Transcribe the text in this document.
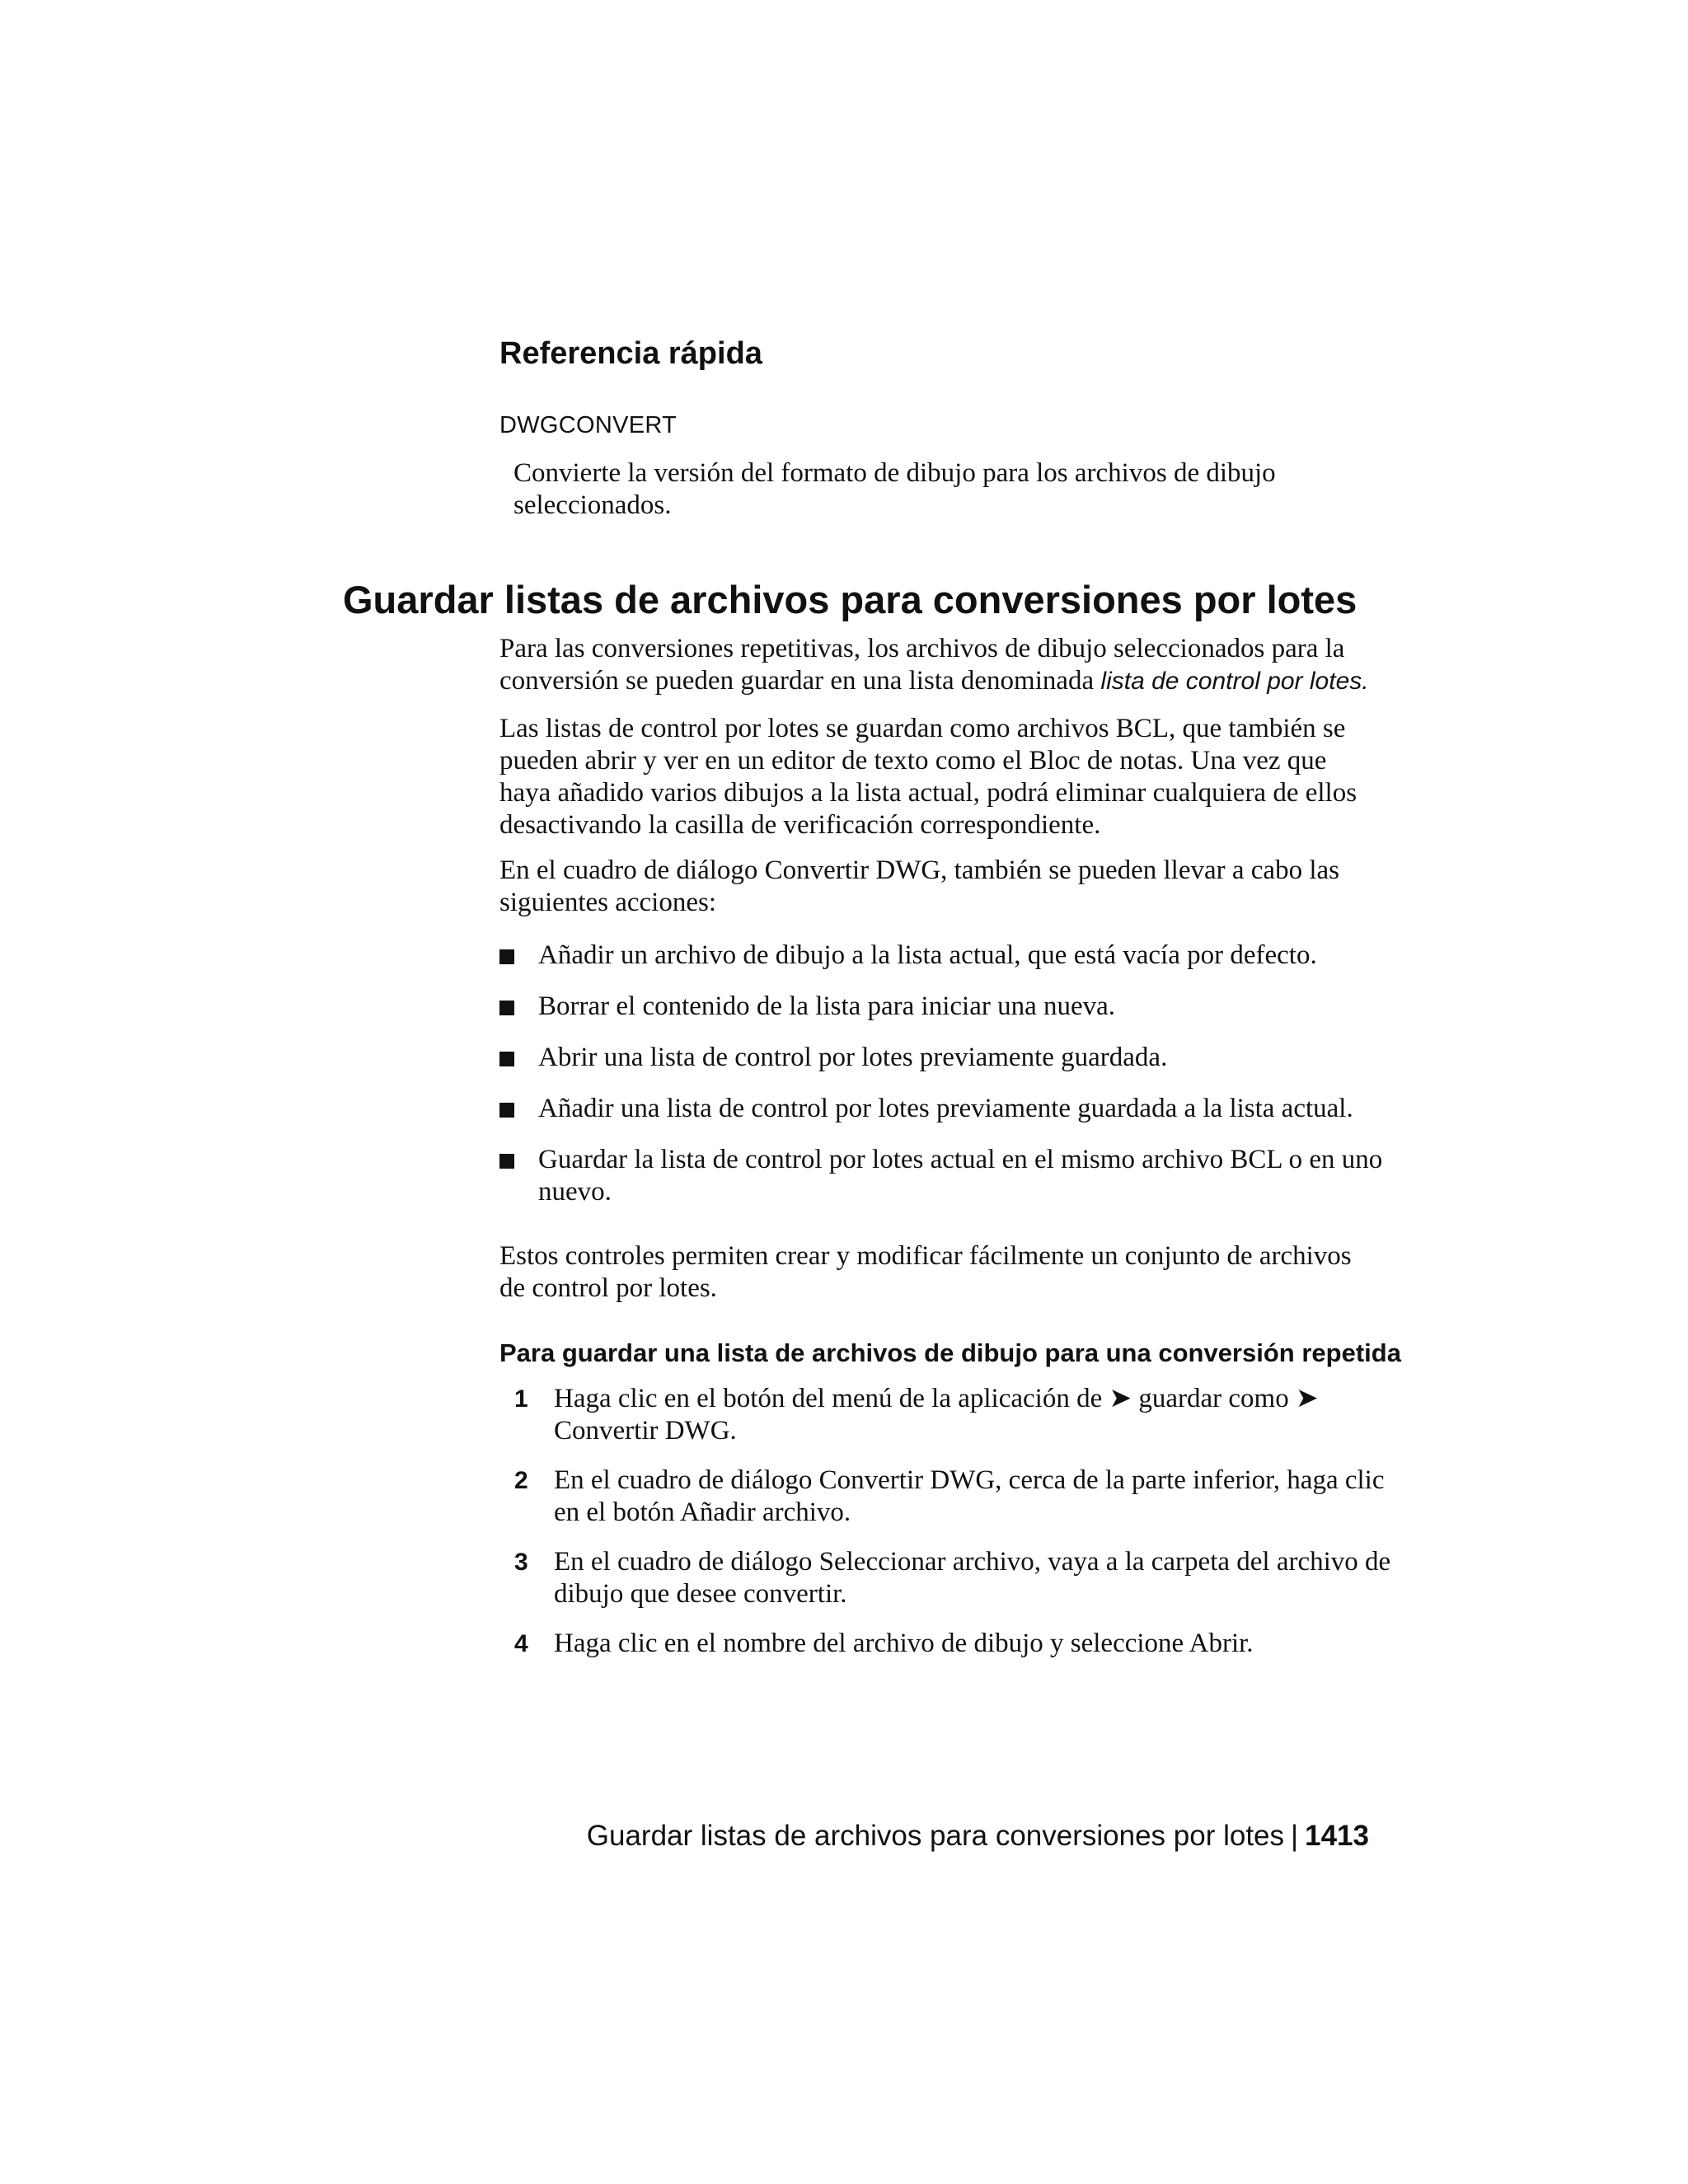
Referencia rápida
DWGCONVERT
Convierte la versión del formato de dibujo para los archivos de dibujo seleccionados.
Guardar listas de archivos para conversiones por lotes
Para las conversiones repetitivas, los archivos de dibujo seleccionados para la conversión se pueden guardar en una lista denominada lista de control por lotes.
Las listas de control por lotes se guardan como archivos BCL, que también se pueden abrir y ver en un editor de texto como el Bloc de notas. Una vez que haya añadido varios dibujos a la lista actual, podrá eliminar cualquiera de ellos desactivando la casilla de verificación correspondiente.
En el cuadro de diálogo Convertir DWG, también se pueden llevar a cabo las siguientes acciones:
Añadir un archivo de dibujo a la lista actual, que está vacía por defecto.
Borrar el contenido de la lista para iniciar una nueva.
Abrir una lista de control por lotes previamente guardada.
Añadir una lista de control por lotes previamente guardada a la lista actual.
Guardar la lista de control por lotes actual en el mismo archivo BCL o en uno nuevo.
Estos controles permiten crear y modificar fácilmente un conjunto de archivos de control por lotes.
Para guardar una lista de archivos de dibujo para una conversión repetida
1 Haga clic en el botón del menú de la aplicación de ➤ guardar como ➤ Convertir DWG.
2 En el cuadro de diálogo Convertir DWG, cerca de la parte inferior, haga clic en el botón Añadir archivo.
3 En el cuadro de diálogo Seleccionar archivo, vaya a la carpeta del archivo de dibujo que desee convertir.
4 Haga clic en el nombre del archivo de dibujo y seleccione Abrir.
Guardar listas de archivos para conversiones por lotes | 1413
